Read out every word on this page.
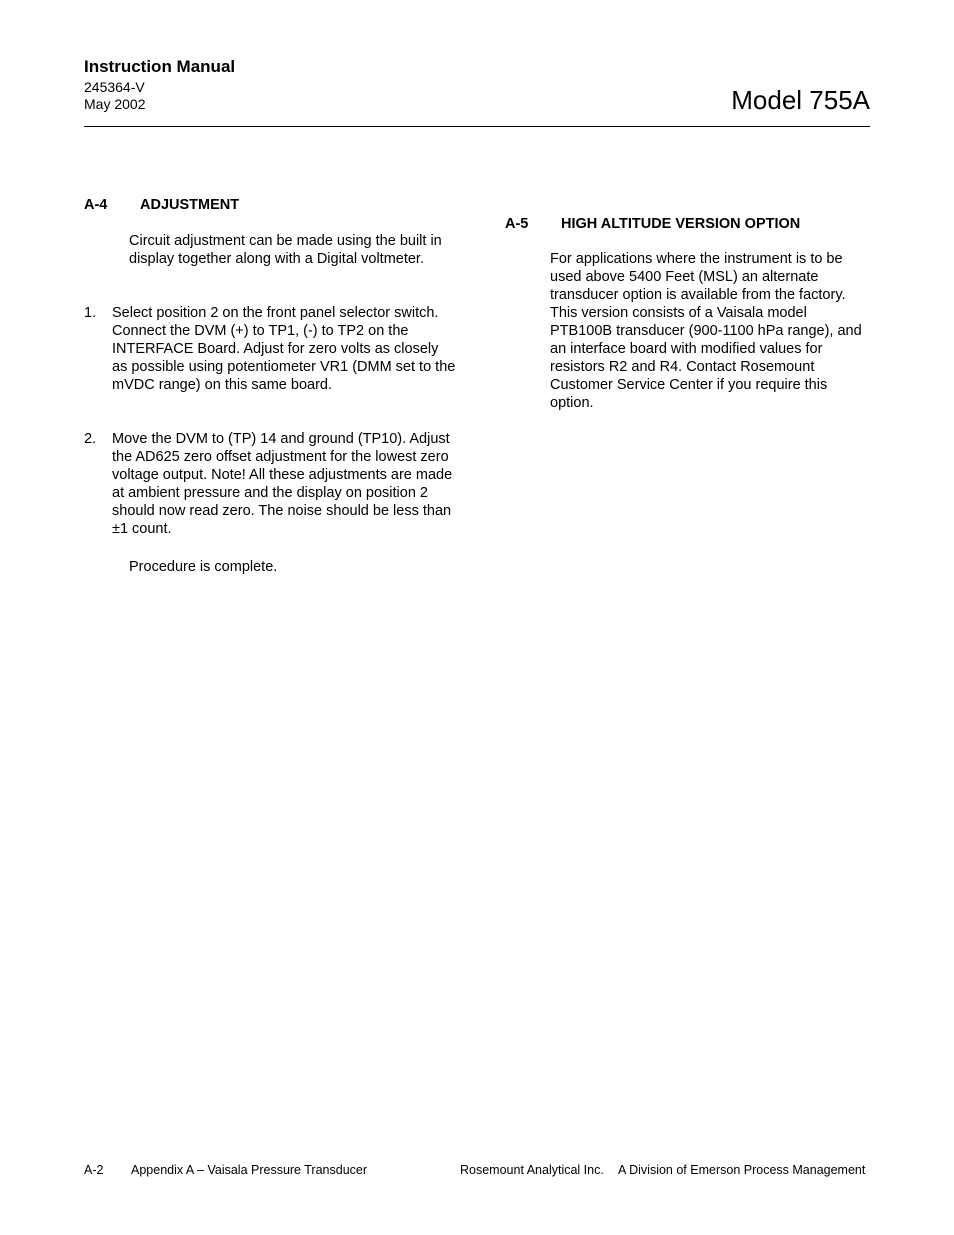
Instruction Manual
245364-V
May 2002	Model 755A
A-4 ADJUSTMENT
Circuit adjustment can be made using the built in display together along with a Digital voltmeter.
1. Select position 2 on the front panel selector switch. Connect the DVM (+) to TP1, (-) to TP2 on the INTERFACE Board. Adjust for zero volts as closely as possible using potentiometer VR1 (DMM set to the mVDC range) on this same board.
2. Move the DVM to (TP) 14 and ground (TP10). Adjust the AD625 zero offset adjustment for the lowest zero voltage output. Note! All these adjustments are made at ambient pressure and the display on position 2 should now read zero. The noise should be less than ±1 count.
Procedure is complete.
A-5 HIGH ALTITUDE VERSION OPTION
For applications where the instrument is to be used above 5400 Feet (MSL) an alternate transducer option is available from the factory. This version consists of a Vaisala model PTB100B transducer (900-1100 hPa range), and an interface board with modified values for resistors R2 and R4. Contact Rosemount Customer Service Center if you require this option.
A-2 Appendix A – Vaisala Pressure Transducer	Rosemount Analytical Inc. A Division of Emerson Process Management
